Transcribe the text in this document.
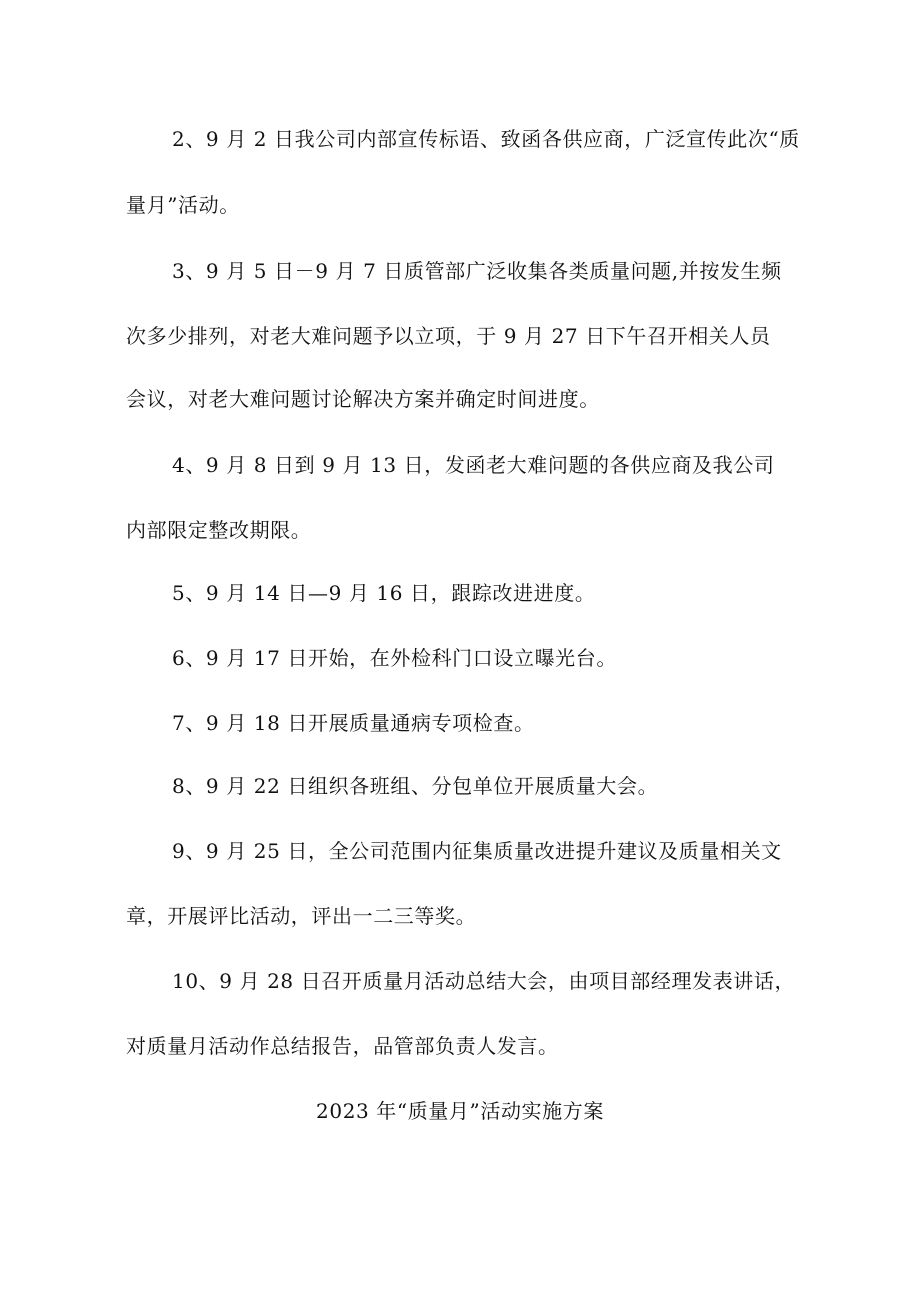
2、9 月 2 日我公司内部宣传标语、致函各供应商，广泛宣传此次“质
量月”活动。
3、9 月 5 日－9 月 7 日质管部广泛收集各类质量问题,并按发生频
次多少排列，对老大难问题予以立项，于 9 月 27 日下午召开相关人员
会议，对老大难问题讨论解决方案并确定时间进度。
4、9 月 8 日到 9 月 13 日，发函老大难问题的各供应商及我公司
内部限定整改期限。
5、9 月 14 日—9 月 16 日，跟踪改进进度。
6、9 月 17 日开始，在外检科门口设立曝光台。
7、9 月 18 日开展质量通病专项检查。
8、9 月 22 日组织各班组、分包单位开展质量大会。
9、9 月 25 日，全公司范围内征集质量改进提升建议及质量相关文
章，开展评比活动，评出一二三等奖。
10、9 月 28 日召开质量月活动总结大会，由项目部经理发表讲话，
对质量月活动作总结报告，品管部负责人发言。
2023 年“质量月”活动实施方案
